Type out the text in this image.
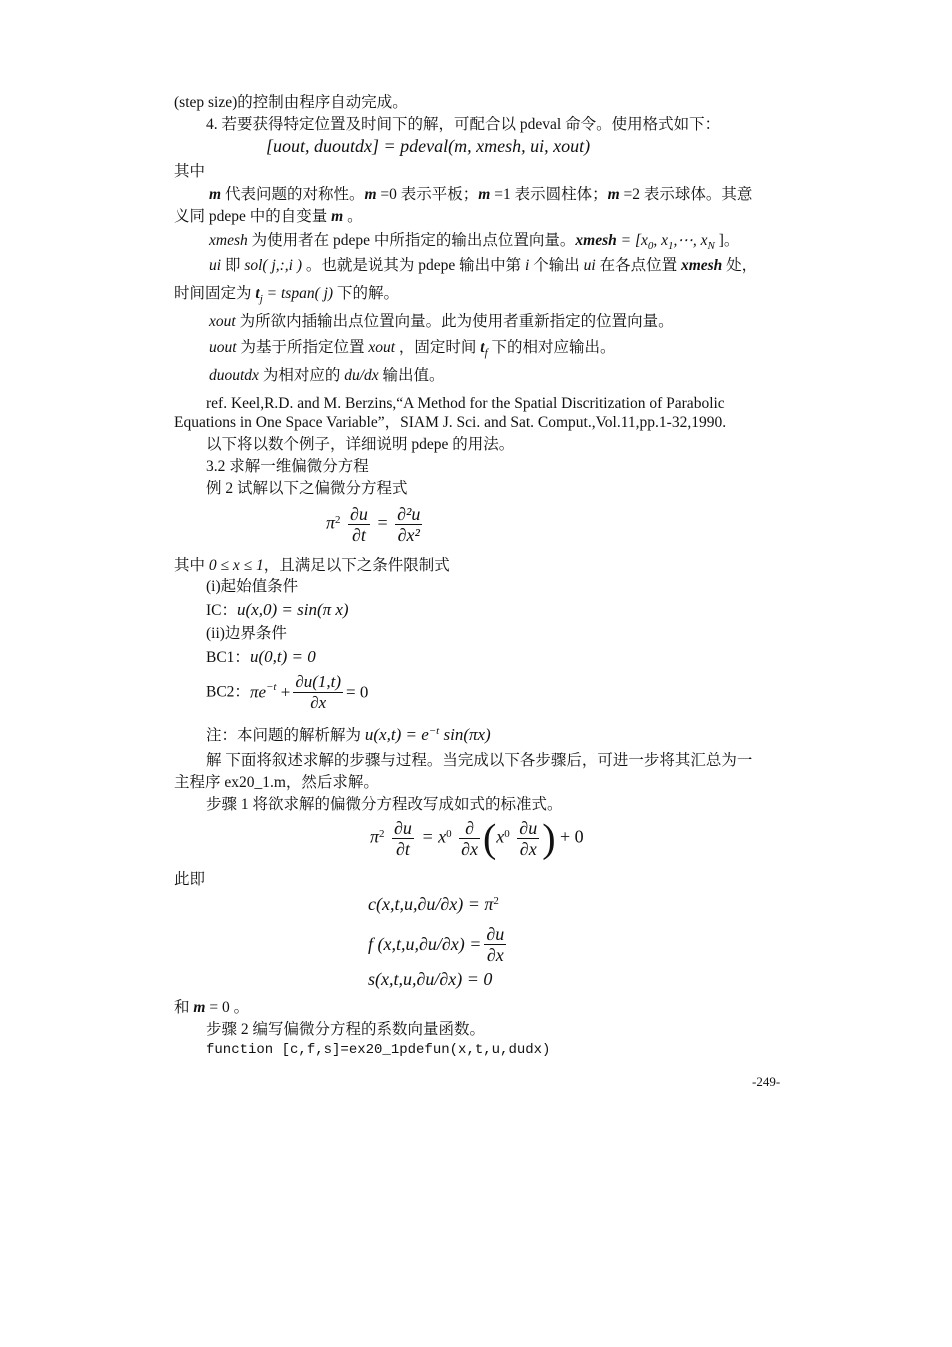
(step size)的控制由程序自动完成。
4. 若要获得特定位置及时间下的解，可配合以 pdeval 命令。使用格式如下：
[uout, duoutdx] = pdeval(m, xmesh, ui, xout)
其中
m 代表问题的对称性。m =0 表示平板；m =1 表示圆柱体；m =2 表示球体。其意
义同 pdepe 中的自变量 m 。
xmesh 为使用者在 pdepe 中所指定的输出点位置向量。xmesh = [$x_0$, $x_1,\cdots$, $x_N$ ]。
ui 即 sol( j,:,i ) 。也就是说其为 pdepe 输出中第 i 个输出 ui 在各点位置 xmesh 处，
时间固定为 $t_j$ = tspan( j) 下的解。
xout 为所欲内插输出点位置向量。此为使用者重新指定的位置向量。
uout 为基于所指定位置 xout ，固定时间 $t_f$ 下的相对应输出。
duoutdx 为相对应的 du/dx 输出值。
ref. Keel,R.D. and M. Berzins,“A Method for the Spatial Discritization of Parabolic
Equations in One Space Variable”，SIAM J. Sci. and Sat. Comput.,Vol.11,pp.1-32,1990.
以下将以数个例子，详细说明 pdepe 的用法。
3.2 求解一维偏微分方程
例 2 试解以下之偏微分方程式
$\pi^2 \frac{\partial u}{\partial t} = \frac{\text{∂²u}}{\text{∂x²}}$
其中 0 ≤ x ≤ 1，且满足以下之条件限制式
(i)起始值条件
IC：u(x,0) = sin(π x)
(ii)边界条件
BC1：u(0,t) = 0
BC2：$\pi e^{-t} + \frac{\partial u(1,t)}{\partial x} = 0$
注：本问题的解析解为 $u(x,t) = e^{-t}$ sin(πx)
解 下面将叙述求解的步骤与过程。当完成以下各步骤后，可进一步将其汇总为一
主程序 ex20_1.m，然后求解。
步骤 1 将欲求解的偏微分方程改写成如式的标准式。
$\pi^2 \frac{\partial u}{\partial t} = x^0 \frac{\partial}{\partial x} (x^0 \frac{\partial u}{\partial x}$ ) + 0
此即
$c(x,t,u,\partial u/\partial x) = \pi^2$
f $(x,t,u,\partial u/\partial x) = \frac{\partial u}{\partial x}$
s(x,t,u,∂u/∂x) = 0
和 m = 0 。
步骤 2 编写偏微分方程的系数向量函数。
function [c,f,s]=ex20_1pdefun(x,t,u,dudx)
-249-
